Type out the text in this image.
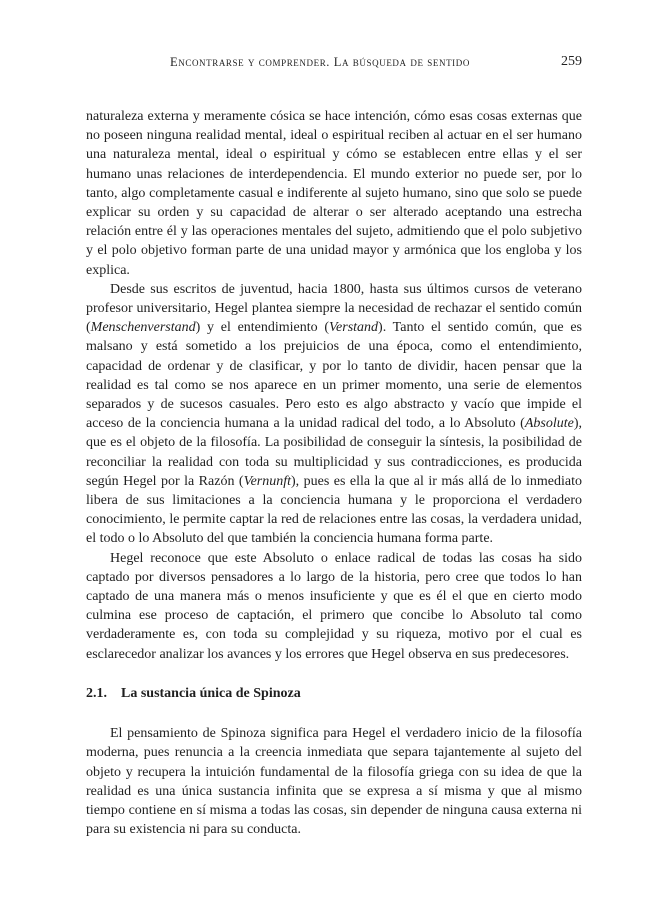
Encontrarse y comprender. La búsqueda de sentido	259

naturaleza externa y meramente cósica se hace intención, cómo esas cosas externas que no poseen ninguna realidad mental, ideal o espiritual reciben al actuar en el ser humano una naturaleza mental, ideal o espiritual y cómo se establecen entre ellas y el ser humano unas relaciones de interdependencia. El mundo exterior no puede ser, por lo tanto, algo completamente casual e indiferente al sujeto humano, sino que solo se puede explicar su orden y su capacidad de alterar o ser alterado aceptando una estrecha relación entre él y las operaciones mentales del sujeto, admitiendo que el polo subjetivo y el polo objetivo forman parte de una unidad mayor y armónica que los engloba y los explica.

Desde sus escritos de juventud, hacia 1800, hasta sus últimos cursos de veterano profesor universitario, Hegel plantea siempre la necesidad de rechazar el sentido común (Menschenverstand) y el entendimiento (Verstand). Tanto el sentido común, que es malsano y está sometido a los prejuicios de una época, como el entendimiento, capacidad de ordenar y de clasificar, y por lo tanto de dividir, hacen pensar que la realidad es tal como se nos aparece en un primer momento, una serie de elementos separados y de sucesos casuales. Pero esto es algo abstracto y vacío que impide el acceso de la conciencia humana a la unidad radical del todo, a lo Absoluto (Absolute), que es el objeto de la filosofía. La posibilidad de conseguir la síntesis, la posibilidad de reconciliar la realidad con toda su multiplicidad y sus contradicciones, es producida según Hegel por la Razón (Vernunft), pues es ella la que al ir más allá de lo inmediato libera de sus limitaciones a la conciencia humana y le proporciona el verdadero conocimiento, le permite captar la red de relaciones entre las cosas, la verdadera unidad, el todo o lo Absoluto del que también la conciencia humana forma parte.

Hegel reconoce que este Absoluto o enlace radical de todas las cosas ha sido captado por diversos pensadores a lo largo de la historia, pero cree que todos lo han captado de una manera más o menos insuficiente y que es él el que en cierto modo culmina ese proceso de captación, el primero que concibe lo Absoluto tal como verdaderamente es, con toda su complejidad y su riqueza, motivo por el cual es esclarecedor analizar los avances y los errores que Hegel observa en sus predecesores.

2.1. La sustancia única de Spinoza

El pensamiento de Spinoza significa para Hegel el verdadero inicio de la filosofía moderna, pues renuncia a la creencia inmediata que separa tajantemente al sujeto del objeto y recupera la intuición fundamental de la filosofía griega con su idea de que la realidad es una única sustancia infinita que se expresa a sí misma y que al mismo tiempo contiene en sí misma a todas las cosas, sin depender de ninguna causa externa ni para su existencia ni para su conducta.
